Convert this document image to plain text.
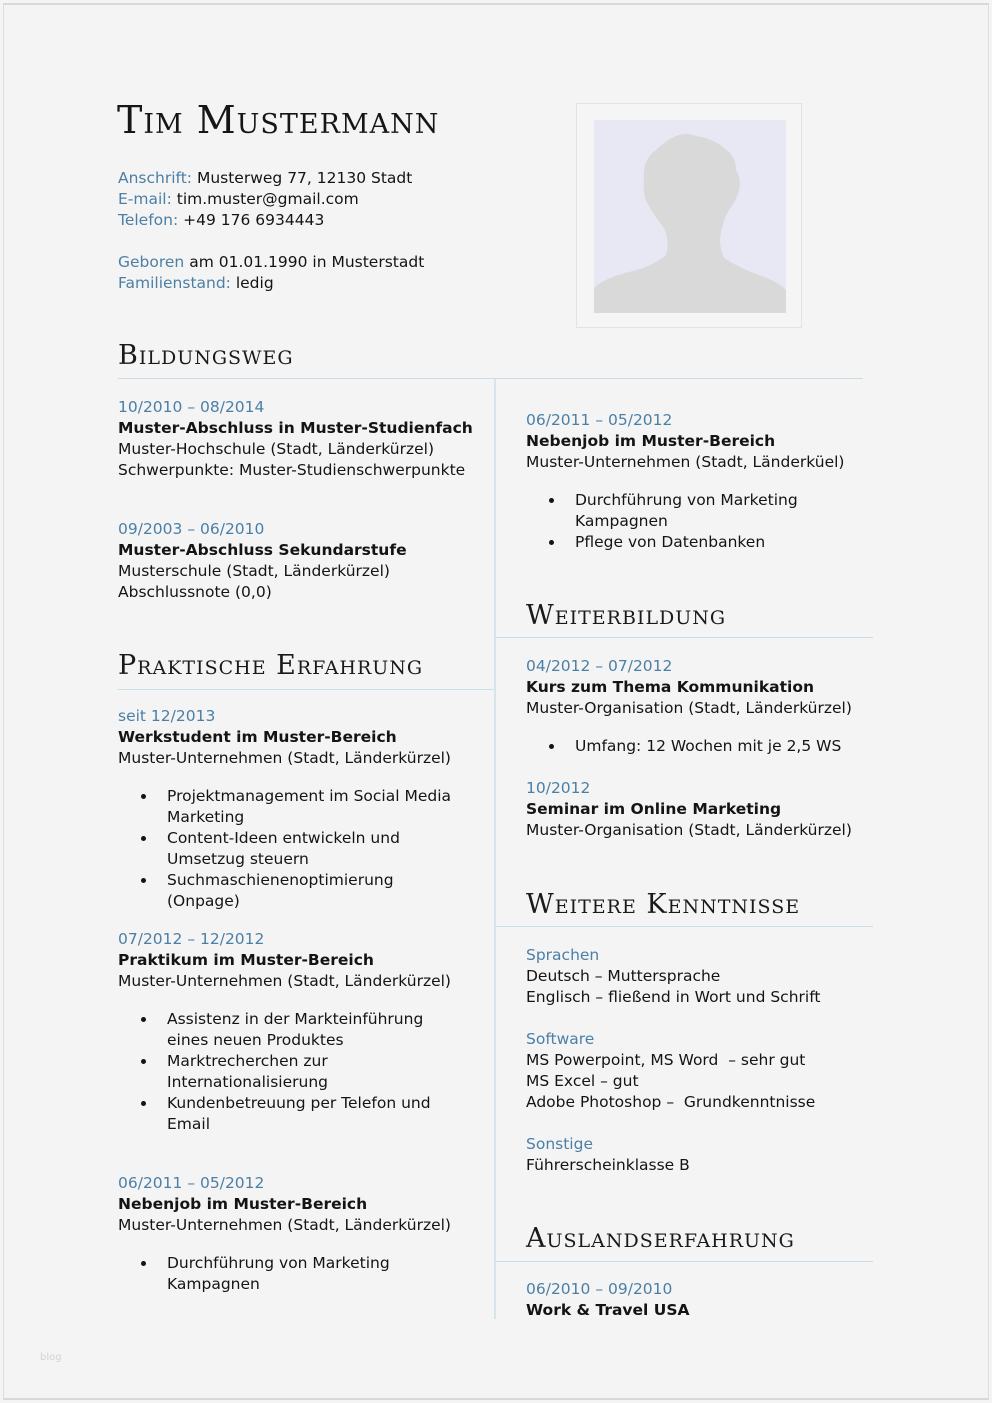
Tim Mustermann
Anschrift: Musterweg 77, 12130 Stadt
E-mail: tim.muster@gmail.com
Telefon: +49 176 6934443
Geboren am 01.01.1990 in Musterstadt
Familienstand: ledig
Bildungsweg
10/2010 – 08/2014
Muster-Abschluss in Muster-Studienfach
Muster-Hochschule (Stadt, Länderkürzel)
Schwerpunkte: Muster-Studienschwerpunkte
09/2003 – 06/2010
Muster-Abschluss Sekundarstufe
Musterschule (Stadt, Länderkürzel)
Abschlussnote (0,0)
Praktische Erfahrung
seit 12/2013
Werkstudent im Muster-Bereich
Muster-Unternehmen (Stadt, Länderkürzel)
Projektmanagement im Social Media Marketing
Content-Ideen entwickeln und Umsetzug steuern
Suchmaschienenoptimierung (Onpage)
07/2012 – 12/2012
Praktikum im Muster-Bereich
Muster-Unternehmen (Stadt, Länderkürzel)
Assistenz in der Markteinführung eines neuen Produktes
Marktrecherchen zur Internationalisierung
Kundenbetreuung per Telefon und Email
06/2011 – 05/2012
Nebenjob im Muster-Bereich
Muster-Unternehmen (Stadt, Länderkürzel)
Durchführung von Marketing Kampagnen
06/2011 – 05/2012
Nebenjob im Muster-Bereich
Muster-Unternehmen (Stadt, Länderküel)
Durchführung von Marketing Kampagnen
Pflege von Datenbanken
Weiterbildung
04/2012 – 07/2012
Kurs zum Thema Kommunikation
Muster-Organisation (Stadt, Länderkürzel)
Umfang: 12 Wochen mit je 2,5 WS
10/2012
Seminar im Online Marketing
Muster-Organisation (Stadt, Länderkürzel)
Weitere Kenntnisse
Sprachen
Deutsch – Muttersprache
Englisch – fließend in Wort und Schrift
Software
MS Powerpoint, MS Word  – sehr gut
MS Excel – gut
Adobe Photoshop –  Grundkenntnisse
Sonstige
Führerscheinklasse B
Auslandserfahrung
06/2010 – 09/2010
Work & Travel USA
blog
